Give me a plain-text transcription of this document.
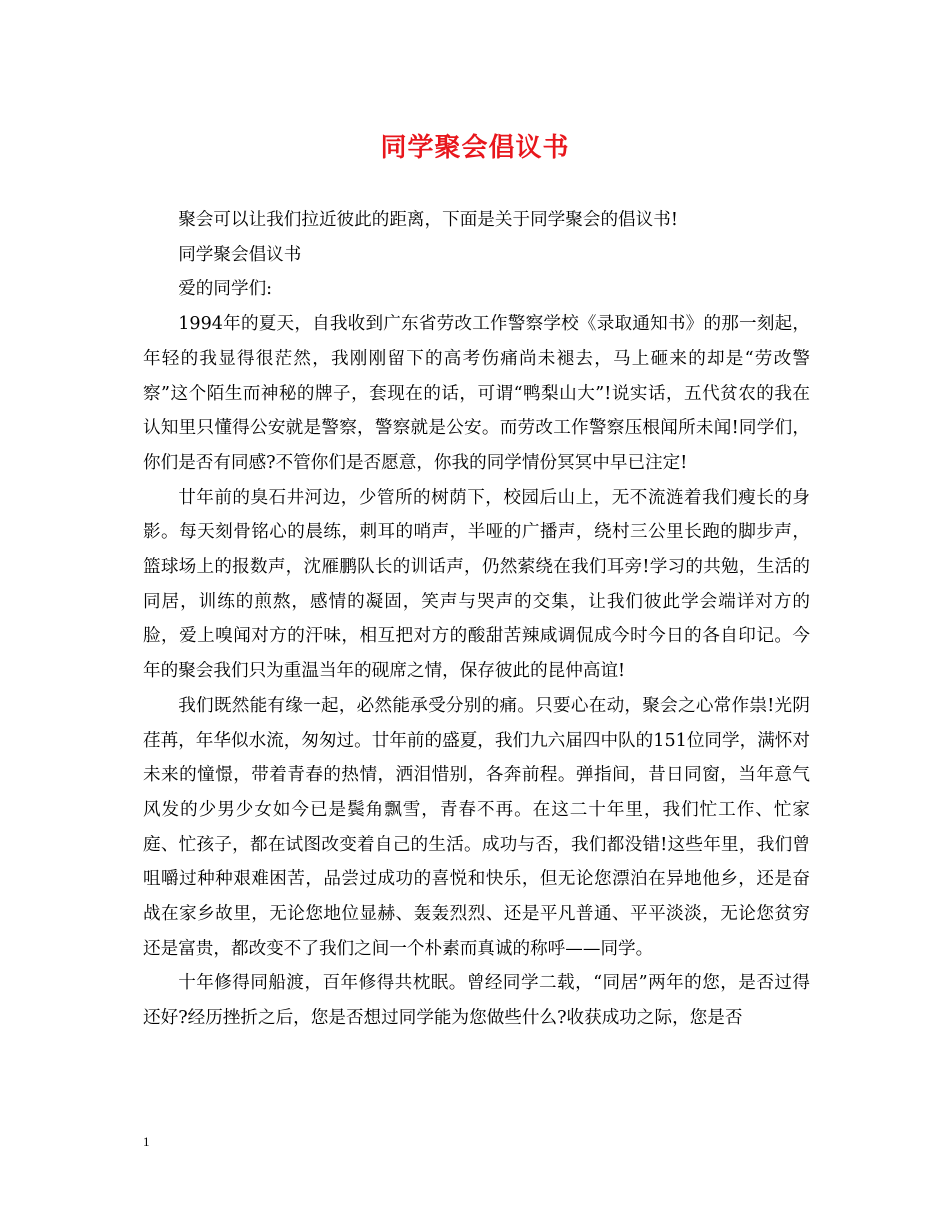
同学聚会倡议书

聚会可以让我们拉近彼此的距离，下面是关于同学聚会的倡议书!

同学聚会倡议书

爱的同学们:

1994年的夏天，自我收到广东省劳改工作警察学校《录取通知书》的那一刻起，年轻的我显得很茫然，我刚刚留下的高考伤痛尚未褪去，马上砸来的却是“劳改警察”这个陌生而神秘的牌子，套现在的话，可谓“鸭梨山大”!说实话，五代贫农的我在认知里只懂得公安就是警察，警察就是公安。而劳改工作警察压根闻所未闻!同学们，你们是否有同感?不管你们是否愿意，你我的同学情份冥冥中早已注定!

廿年前的臭石井河边，少管所的树荫下，校园后山上，无不流涟着我们瘦长的身影。每天刻骨铭心的晨练，刺耳的哨声，半哑的广播声，绕村三公里长跑的脚步声，篮球场上的报数声，沈雁鹏队长的训话声，仍然萦绕在我们耳旁!学习的共勉，生活的同居，训练的煎熬，感情的凝固，笑声与哭声的交集，让我们彼此学会端详对方的脸，爱上嗅闻对方的汗味，相互把对方的酸甜苦辣咸调侃成今时今日的各自印记。今年的聚会我们只为重温当年的砚席之情，保存彼此的昆仲高谊!

我们既然能有缘一起，必然能承受分别的痛。只要心在动，聚会之心常作祟!光阴荏苒，年华似水流，匆匆过。廿年前的盛夏，我们九六届四中队的151位同学，满怀对未来的憧憬，带着青春的热情，洒泪惜别，各奔前程。弹指间，昔日同窗，当年意气风发的少男少女如今已是鬓角飘雪，青春不再。在这二十年里，我们忙工作、忙家庭、忙孩子，都在试图改变着自己的生活。成功与否，我们都没错!这些年里，我们曾咀嚼过种种艰难困苦，品尝过成功的喜悦和快乐，但无论您漂泊在异地他乡，还是奋战在家乡故里，无论您地位显赫、轰轰烈烈、还是平凡普通、平平淡淡，无论您贫穷还是富贵，都改变不了我们之间一个朴素而真诚的称呼——同学。

十年修得同船渡，百年修得共枕眠。曾经同学二载，“同居”两年的您，是否过得还好?经历挫折之后，您是否想过同学能为您做些什么?收获成功之际，您是否

1
